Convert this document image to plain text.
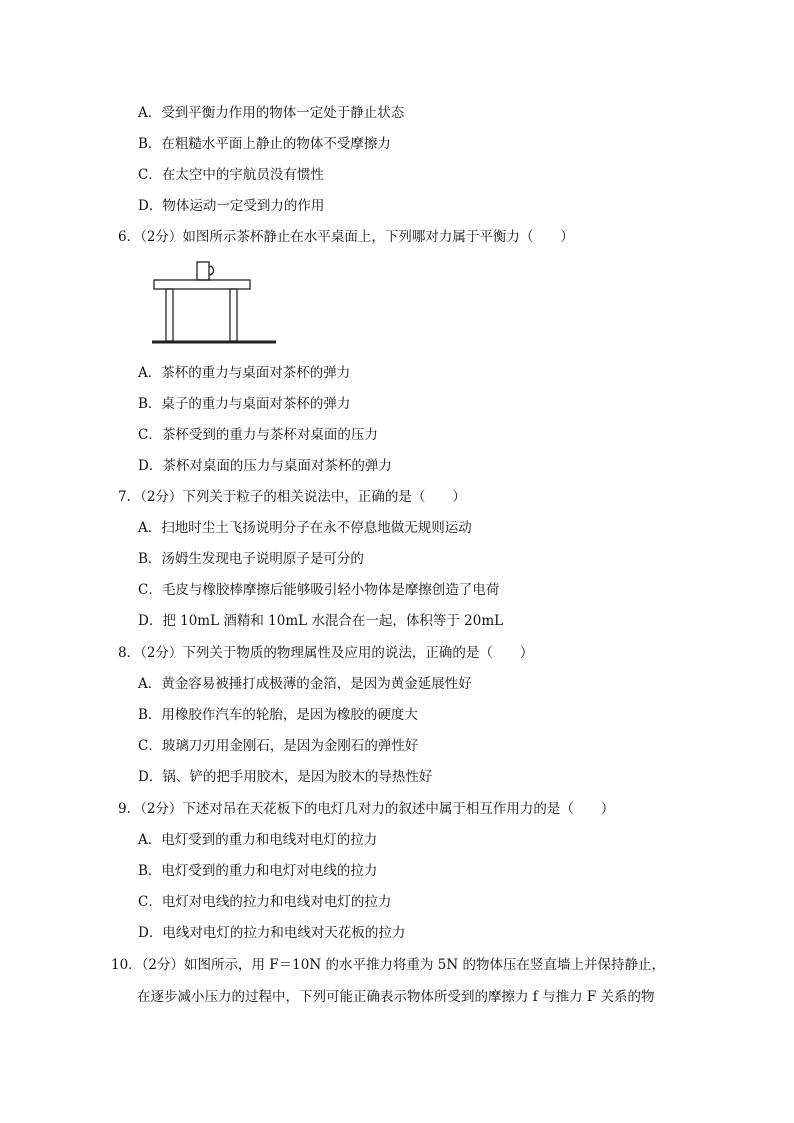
A．受到平衡力作用的物体一定处于静止状态
B．在粗糙水平面上静止的物体不受摩擦力
C．在太空中的宇航员没有惯性
D．物体运动一定受到力的作用
6．（2分）如图所示茶杯静止在水平桌面上，下列哪对力属于平衡力（　　）
A．茶杯的重力与桌面对茶杯的弹力
B．桌子的重力与桌面对茶杯的弹力
C．茶杯受到的重力与茶杯对桌面的压力
D．茶杯对桌面的压力与桌面对茶杯的弹力
7．（2分）下列关于粒子的相关说法中，正确的是（　　）
A．扫地时尘土飞扬说明分子在永不停息地做无规则运动
B．汤姆生发现电子说明原子是可分的
C．毛皮与橡胶棒摩擦后能够吸引轻小物体是摩擦创造了电荷
D．把 10mL 酒精和 10mL 水混合在一起，体积等于 20mL
8．（2分）下列关于物质的物理属性及应用的说法，正确的是（　　）
A．黄金容易被捶打成极薄的金箔，是因为黄金延展性好
B．用橡胶作汽车的轮胎，是因为橡胶的硬度大
C．玻璃刀刃用金刚石，是因为金刚石的弹性好
D．锅、铲的把手用胶木，是因为胶木的导热性好
9．（2分）下述对吊在天花板下的电灯几对力的叙述中属于相互作用力的是（　　）
A．电灯受到的重力和电线对电灯的拉力
B．电灯受到的重力和电灯对电线的拉力
C．电灯对电线的拉力和电线对电灯的拉力
D．电线对电灯的拉力和电线对天花板的拉力
10．（2分）如图所示，用 F＝10N 的水平推力将重为 5N 的物体压在竖直墙上并保持静止，
在逐步减小压力的过程中，下列可能正确表示物体所受到的摩擦力 f 与推力 F 关系的物
